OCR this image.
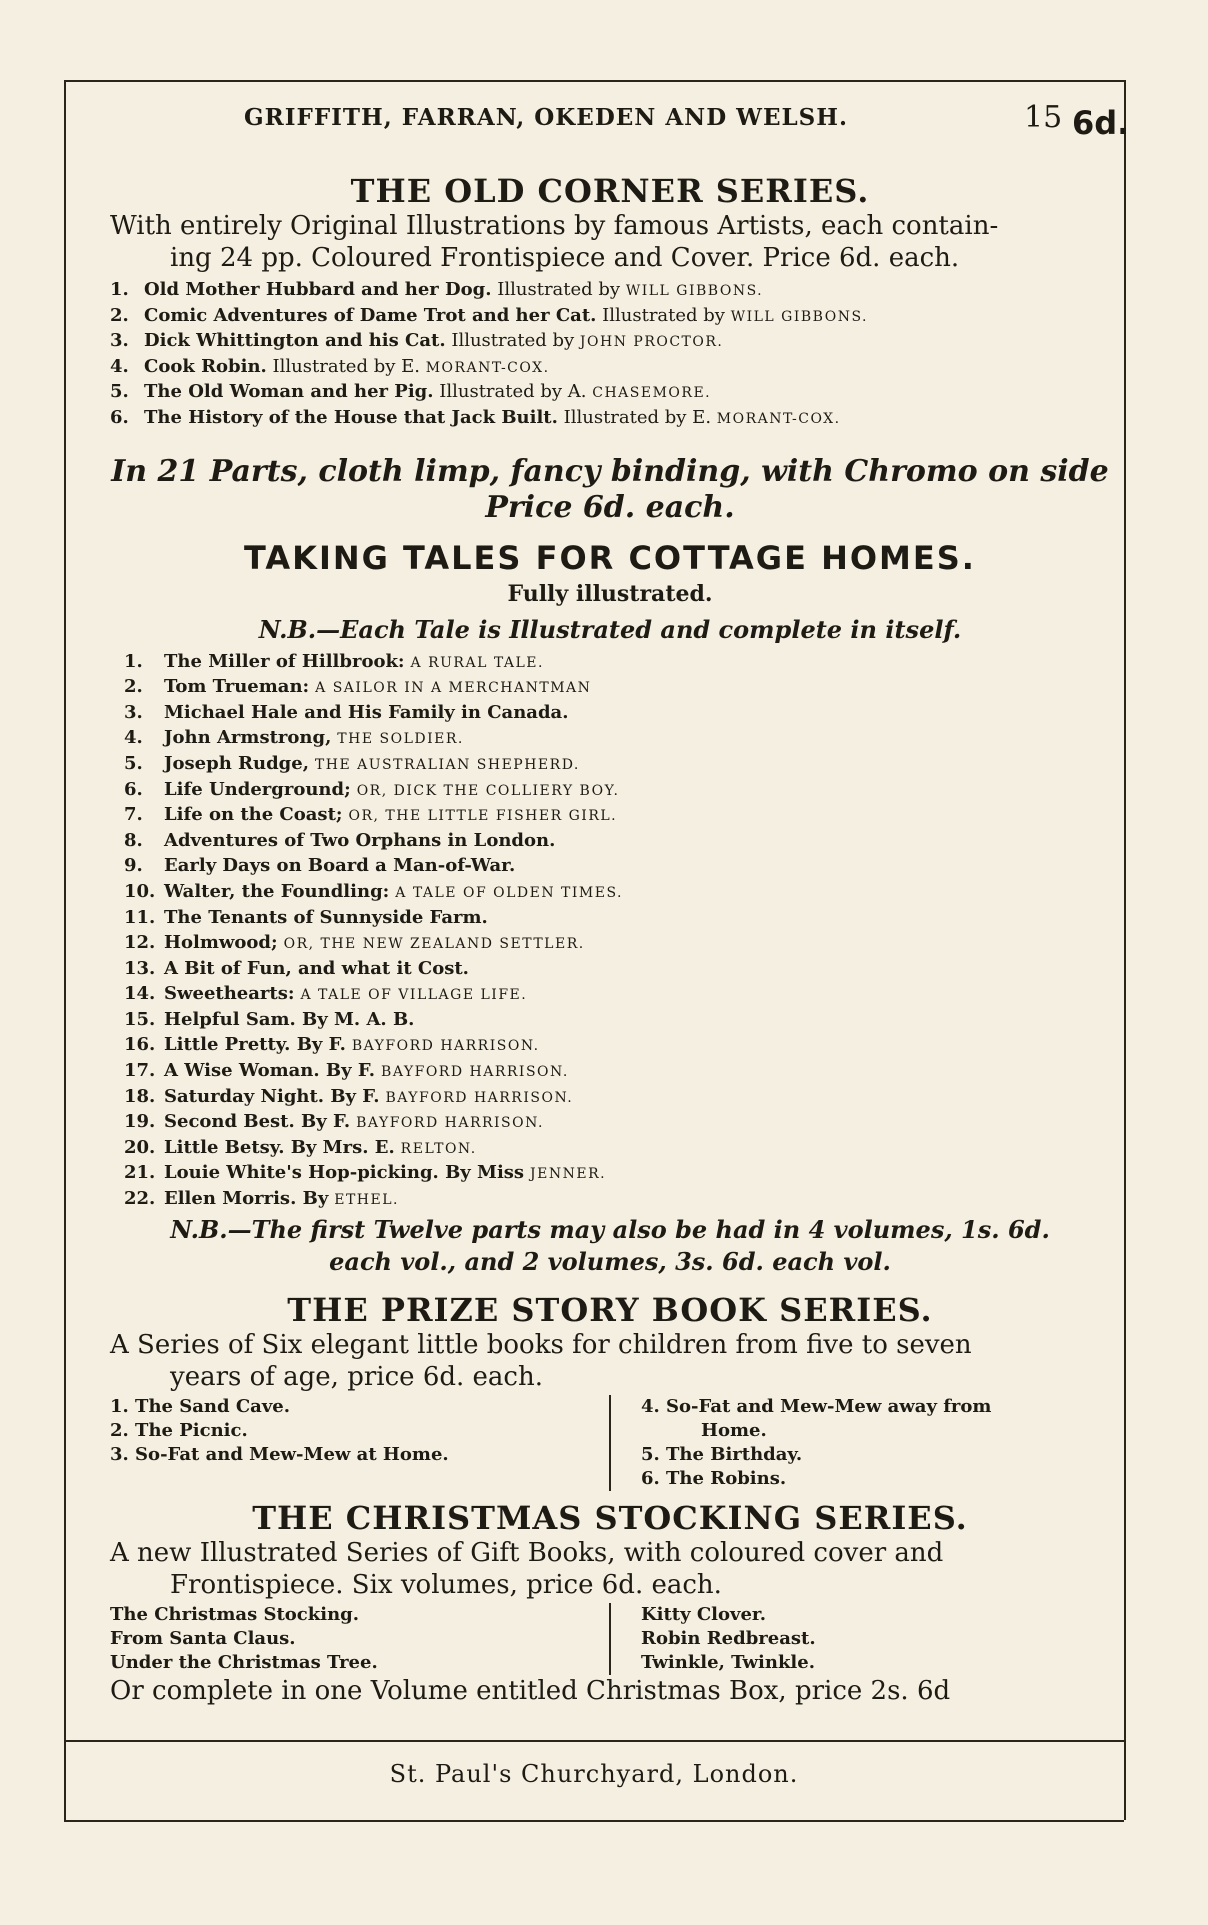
GRIFFITH, FARRAN, OKEDEN AND WELSH.	15
THE OLD CORNER SERIES.

With entirely Original Illustrations by famous Artists, each contain-

ing 24 pp. Coloured Frontispiece and Cover. Price 6d. each.

1. Old Mother Hubbard and her Dog. Illustrated by WILL GIBBONS.
2. Comic Adventures of Dame Trot and her Cat. Illustrated by WILL GIBBONS.
3. Dick Whittington and his Cat. Illustrated by JOHN PROCTOR.
4. Cook Robin. Illustrated by E. MORANT-COX.
5. The Old Woman and her Pig. Illustrated by A. CHASEMORE.
6. The History of the House that Jack Built. Illustrated by E. MORANT-COX.

In 21 Parts, cloth limp, fancy binding, with Chromo on side

Price 6d. each.

TAKING TALES FOR COTTAGE HOMES.

Fully illustrated.

N.B.—Each Tale is Illustrated and complete in itself.

1. The Miller of Hillbrook: A RURAL TALE.
2. Tom Trueman: A SAILOR IN A MERCHANTMAN
3. Michael Hale and His Family in Canada.
4. John Armstrong, THE SOLDIER.
5. Joseph Rudge, THE AUSTRALIAN SHEPHERD.
6. Life Underground; OR, DICK THE COLLIERY BOY.
7. Life on the Coast; OR, THE LITTLE FISHER GIRL.
8. Adventures of Two Orphans in London.
9. Early Days on Board a Man-of-War.
10. Walter, the Foundling: A TALE OF OLDEN TIMES.
11. The Tenants of Sunnyside Farm.
12. Holmwood; OR, THE NEW ZEALAND SETTLER.
13. A Bit of Fun, and what it Cost.
14. Sweethearts: A TALE OF VILLAGE LIFE.
15. Helpful Sam. By M. A. B.
16. Little Pretty. By F. BAYFORD HARRISON.
17. A Wise Woman. By F. BAYFORD HARRISON.
18. Saturday Night. By F. BAYFORD HARRISON.
19. Second Best. By F. BAYFORD HARRISON.
20. Little Betsy. By Mrs. E. RELTON.
21. Louie White's Hop-picking. By Miss JENNER.
22. Ellen Morris. By ETHEL.

N.B.—The first Twelve parts may also be had in 4 volumes, 1s. 6d.

each vol., and 2 volumes, 3s. 6d. each vol.

THE PRIZE STORY BOOK SERIES.

A Series of Six elegant little books for children from five to seven

years of age, price 6d. each.

1. The Sand Cave.
2. The Picnic.
3. So-Fat and Mew-Mew at Home.
4. So-Fat and Mew-Mew away from
Home.
5. The Birthday.
6. The Robins.
THE CHRISTMAS STOCKING SERIES.

A new Illustrated Series of Gift Books, with coloured cover and

Frontispiece. Six volumes, price 6d. each.

The Christmas Stocking.
From Santa Claus.
Under the Christmas Tree.
Kitty Clover.
Robin Redbreast.
Twinkle, Twinkle.

Or complete in one Volume entitled Christmas Box, price 2s. 6d

St. Paul's Churchyard, London.
6d.
